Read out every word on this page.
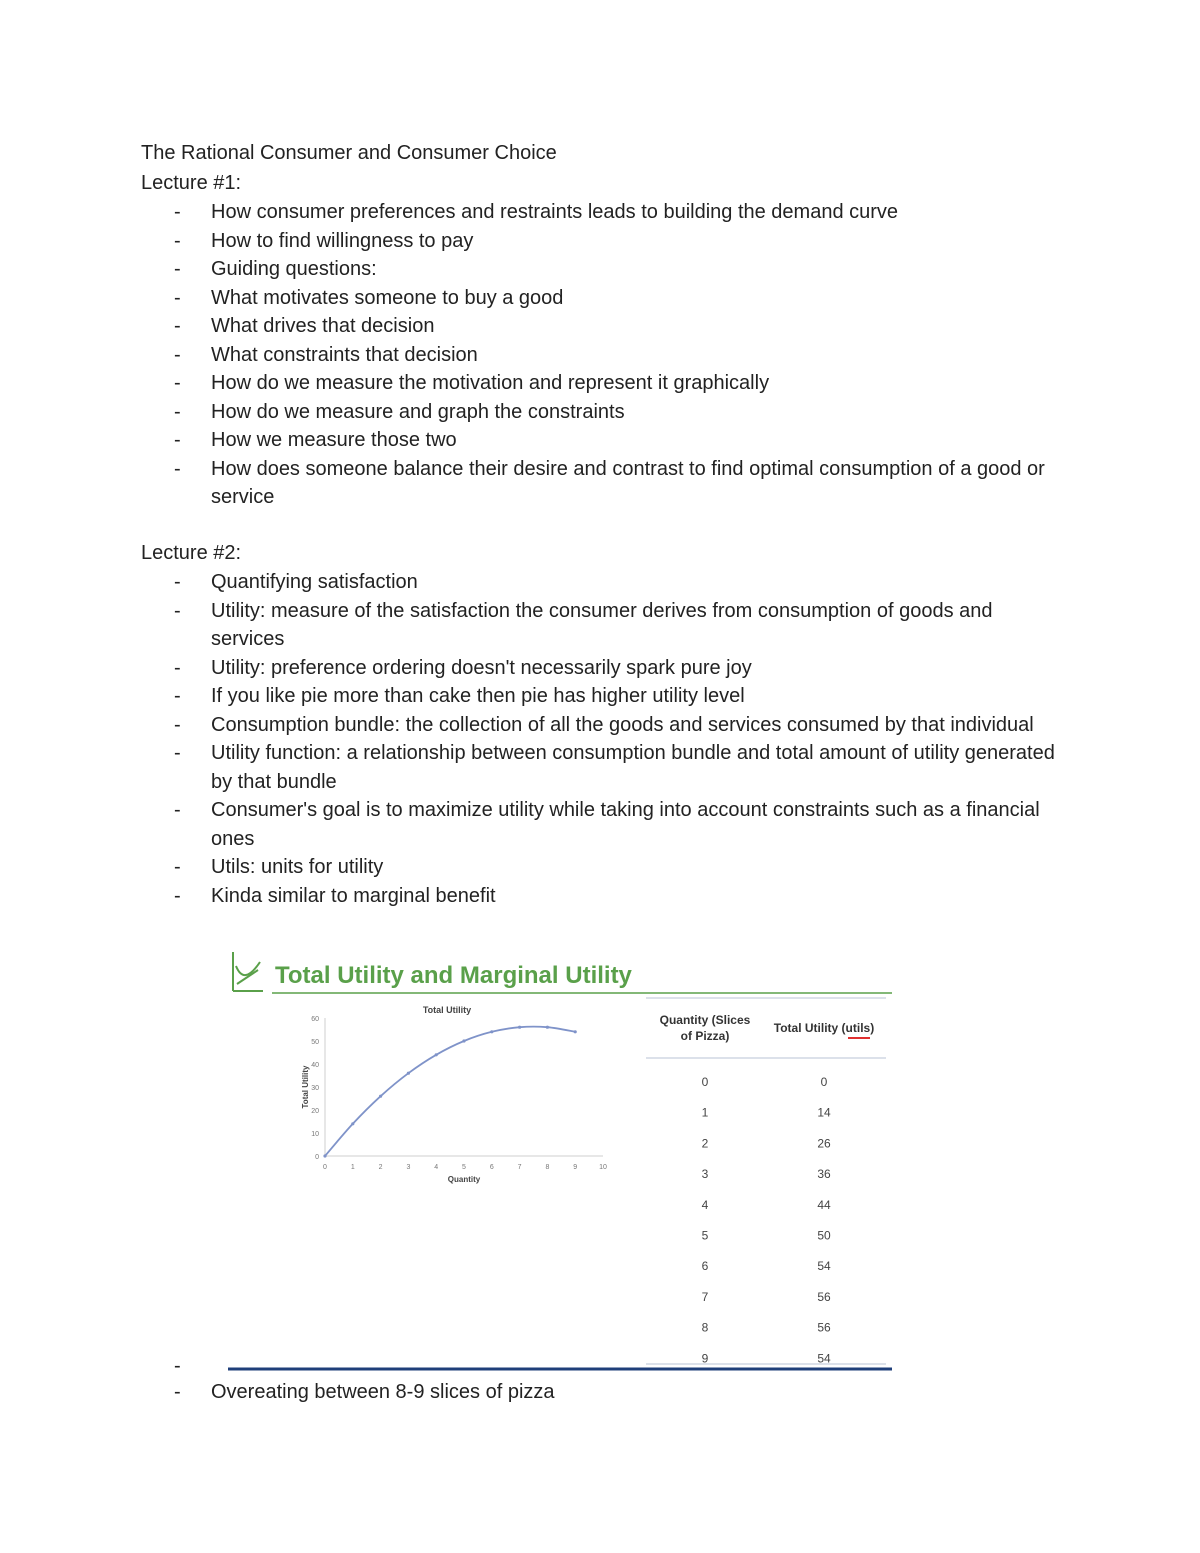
The Rational Consumer and Consumer Choice
Lecture #1:
- How consumer preferences and restraints leads to building the demand curve
- How to find willingness to pay
- Guiding questions:
- What motivates someone to buy a good
- What drives that decision
- What constraints that decision
- How do we measure the motivation and represent it graphically
- How do we measure and graph the constraints
- How we measure those two
- How does someone balance their desire and contrast to find optimal consumption of a good or service
Lecture #2:
- Quantifying satisfaction
- Utility: measure of the satisfaction the consumer derives from consumption of goods and services
- Utility: preference ordering doesn't necessarily spark pure joy
- If you like pie more than cake then pie has higher utility level
- Consumption bundle: the collection of all the goods and services consumed by that individual
- Utility function: a relationship between consumption bundle and total amount of utility generated by that bundle
- Consumer's goal is to maximize utility while taking into account constraints such as a financial ones
- Utils: units for utility
- Kinda similar to marginal benefit
Total Utility and Marginal Utility
Quantity (Slices
of Pizza)
Total Utility (utils)
0	0
1	14
2	26
3	36
4	44
5	50
6	54
7	56
8	56
9	54
Total Utility
0
10
20
30
40
50
60
0	1	2	3	4	5	6	7	8	9	10
Total Utility
Quantity
-
- Overeating between 8-9 slices of pizza
